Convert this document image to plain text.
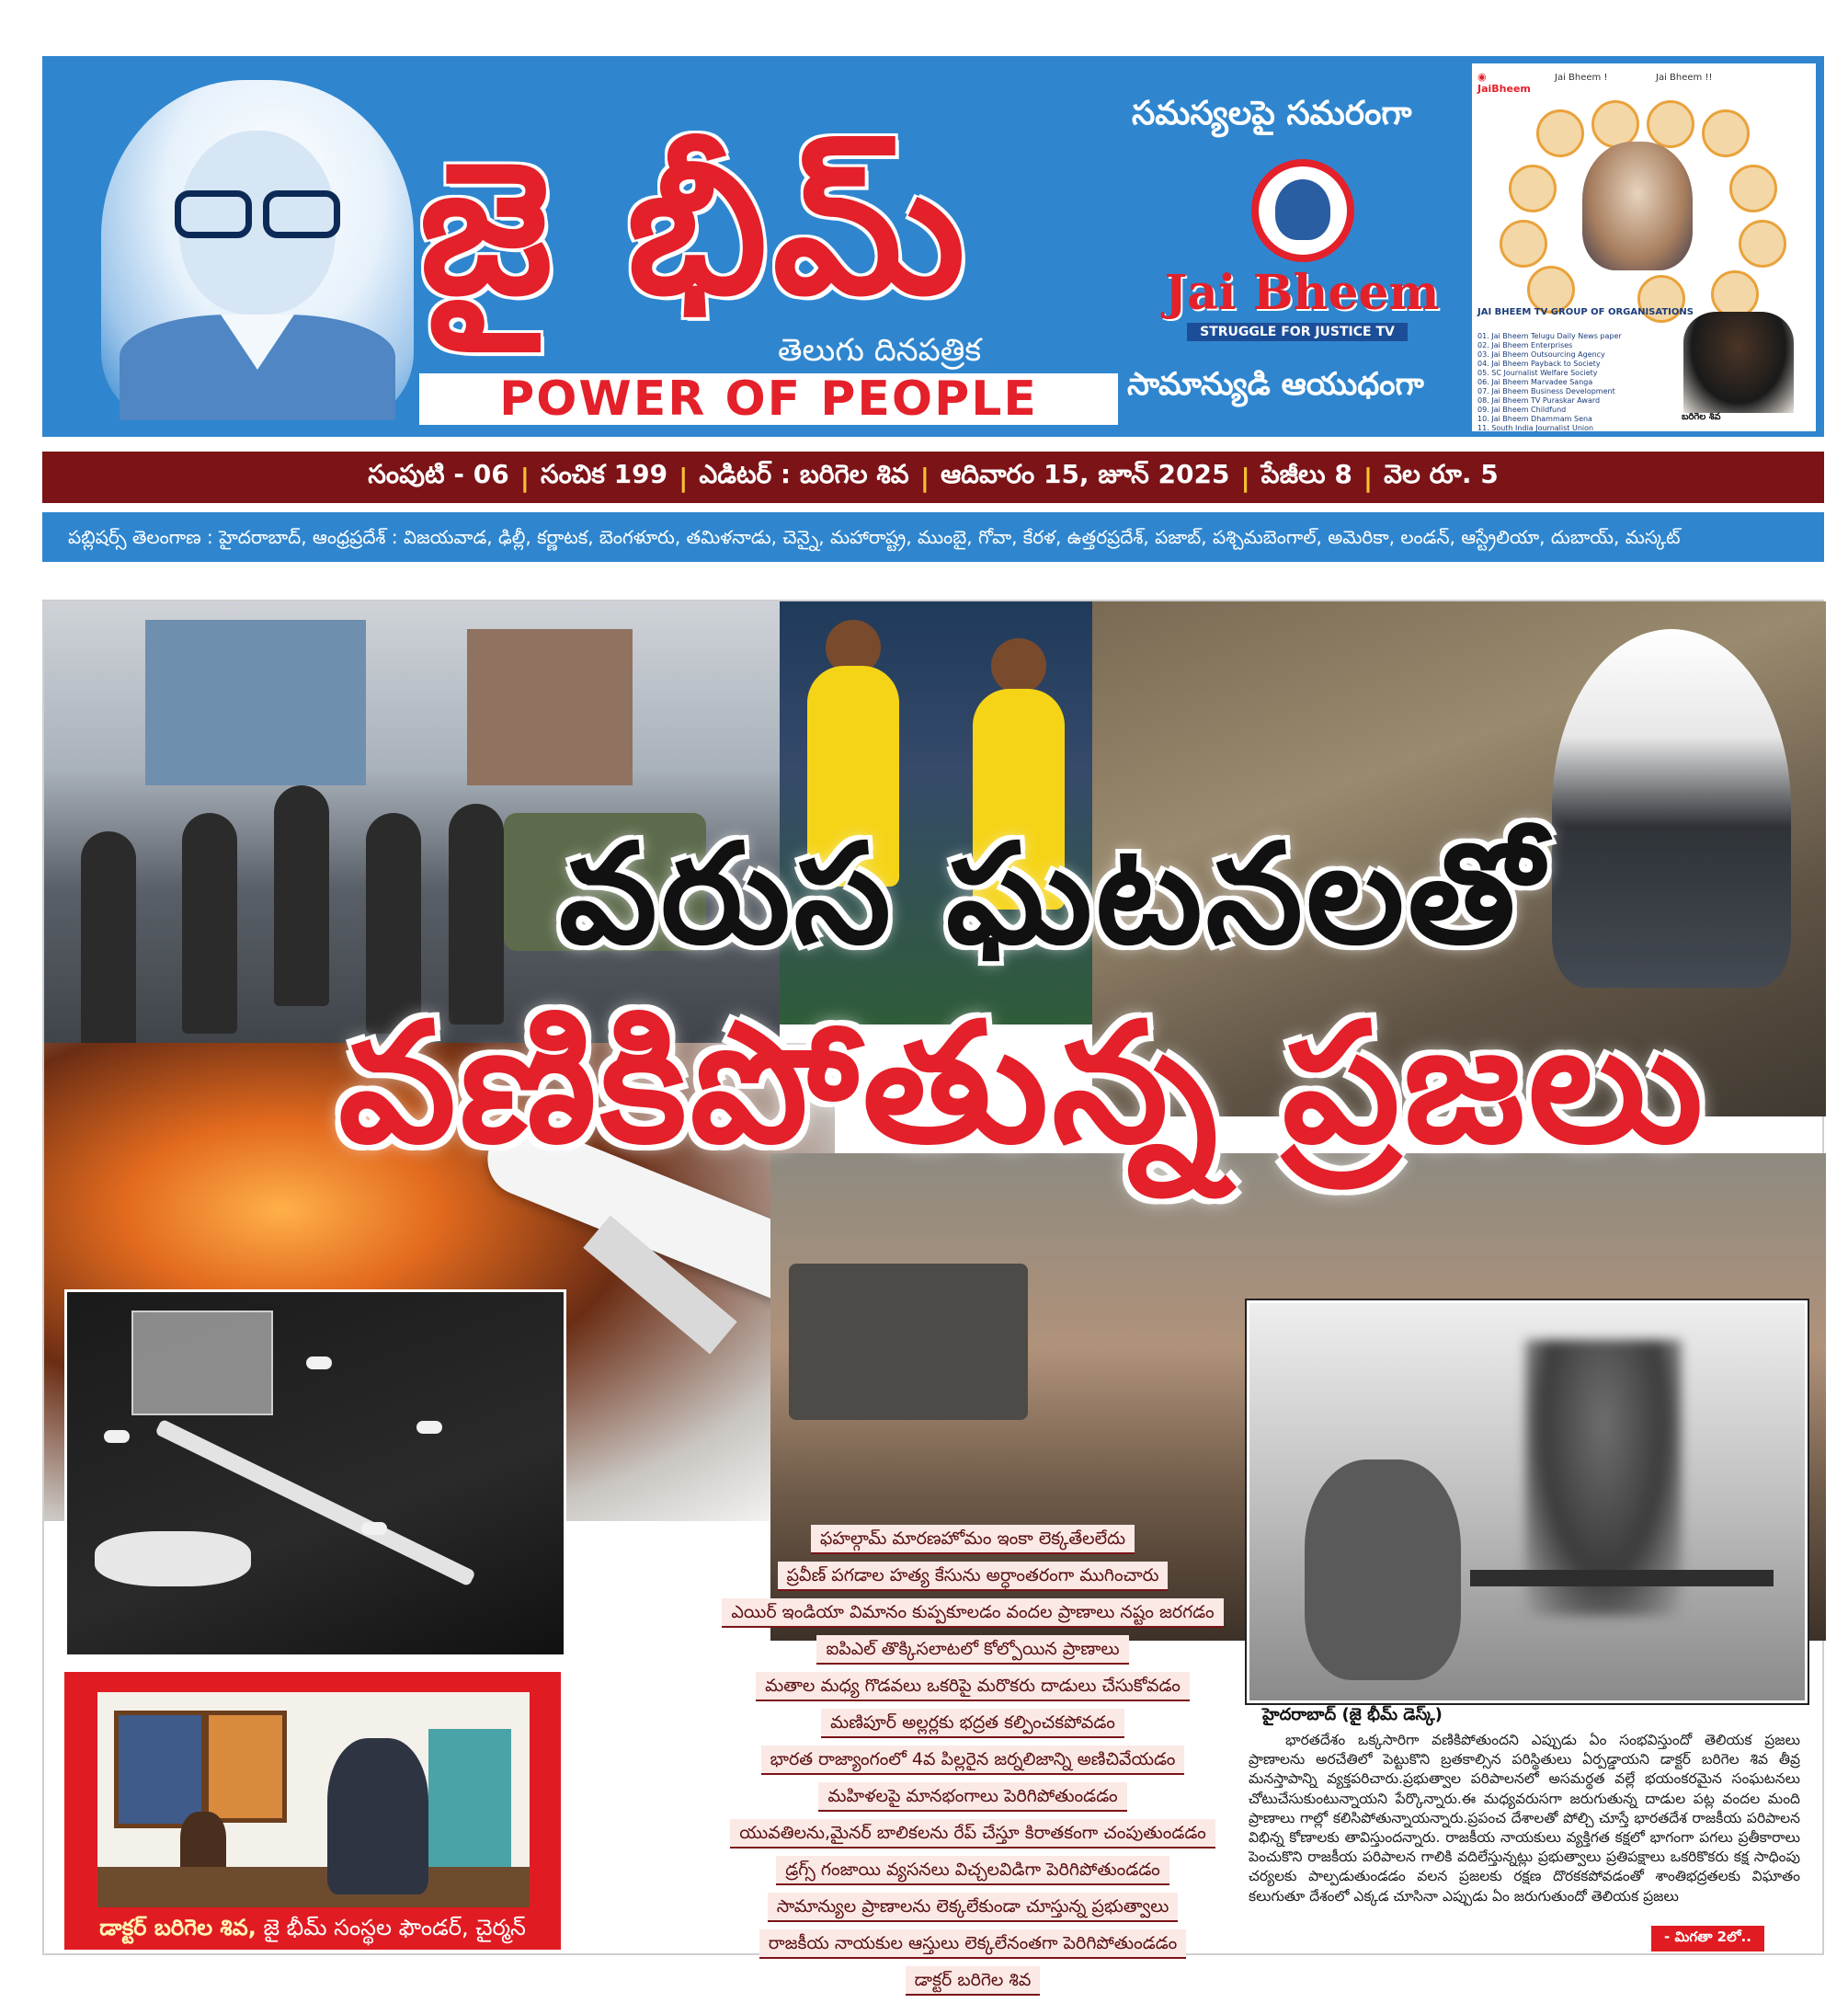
జై భీమ్
తెలుగు దినపత్రిక
POWER OF PEOPLE
సమస్యలపై సమరంగా
Jai Bheem
STRUGGLE FOR JUSTICE TV
సామాన్యుడి ఆయుధంగా
◉ JaiBheem
Jai Bheem !	Jai Bheem !!
JAI BHEEM TV GROUP OF ORGANISATIONS
01. Jai Bheem Telugu Daily News paper
02. Jai Bheem Enterprises
03. Jai Bheem Outsourcing Agency
04. Jai Bheem Payback to Society
05. SC Journalist Welfare Society
06. Jai Bheem Marvadee Sanga
07. Jai Bheem Business Development
08. Jai Bheem TV Puraskar Award
09. Jai Bheem Childfund
10. Jai Bheem Dhammam Sena
11. South India Journalist Union
బరిగెల శివ
సంపుటి - 06 | సంచిక 199 | ఎడిటర్ : బరిగెల శివ | ఆదివారం 15, జూన్ 2025 | పేజీలు 8 | వెల రూ. 5
పబ్లిషర్స్ తెలంగాణ : హైదరాబాద్, ఆంధ్రప్రదేశ్ : విజయవాడ, ఢిల్లీ, కర్ణాటక, బెంగళూరు, తమిళనాడు, చెన్నై, మహారాష్ట్ర, ముంబై, గోవా, కేరళ, ఉత్తరప్రదేశ్, పజాబ్, పశ్చిమబెంగాల్, అమెరికా, లండన్, ఆస్ట్రేలియా, దుబాయ్, మస్కట్
వరుస ఘటనలతో
వణికిపోతున్న ప్రజలు
ఫహల్గామ్ మారణహోమం ఇంకా లెక్కతేలలేదు
ప్రవీణ్ పగడాల హత్య కేసును అర్ధాంతరంగా ముగించారు
ఎయిర్ ఇండియా విమానం కుప్పకూలడం వందల ప్రాణాలు నష్టం జరగడం
ఐపిఎల్ తొక్కిసలాటలో కోల్పోయిన ప్రాణాలు
మతాల మధ్య గొడవలు ఒకరిపై మరొకరు దాడులు చేసుకోవడం
మణిపూర్ అల్లర్లకు భద్రత కల్పించకపోవడం
భారత రాజ్యాంగంలో 4వ పిల్లరైన జర్నలిజాన్ని అణిచివేయడం
మహిళలపై మానభంగాలు పెరిగిపోతుండడం
యువతిలను,మైనర్ బాలికలను రేప్ చేస్తూ కిరాతకంగా చంపుతుండడం
డ్రగ్స్ గంజాయి వ్యసనలు విచ్చలవిడిగా పెరిగిపోతుండడం
సామాన్యుల ప్రాణాలను లెక్కలేకుండా చూస్తున్న ప్రభుత్వాలు
రాజకీయ నాయకుల ఆస్తులు లెక్కలేనంతగా పెరిగిపోతుండడం
డాక్టర్ బరిగెల శివ
డాక్టర్ బరిగెల శివ, జై భీమ్ సంస్థల ఫౌండర్, చైర్మన్
హైదరాబాద్ (జై భీమ్ డెస్క్)
భారతదేశం ఒక్కసారిగా వణికిపోతుందని ఎప్పుడు ఏం సంభవిస్తుందో తెలియక ప్రజలు ప్రాణాలను అరచేతిలో పెట్టుకొని బ్రతకాల్సిన పరిస్థితులు ఏర్పడ్డాయని డాక్టర్ బరిగెల శివ తీవ్ర మనస్తాపాన్ని వ్యక్తపరిచారు.ప్రభుత్వాల పరిపాలనలో అసమర్థత వల్లే భయంకరమైన సంఘటనలు చోటుచేసుకుంటున్నాయని పేర్కొన్నారు.ఈ మధ్యవరుసగా జరుగుతున్న దాడుల పట్ల వందల మంది ప్రాణాలు గాల్లో కలిసిపోతున్నాయన్నారు.ప్రపంచ దేశాలతో పోల్చి చూస్తే భారతదేశ రాజకీయ పరిపాలన విభిన్న కోణాలకు తావిస్తుందన్నారు. రాజకీయ నాయకులు వ్యక్తిగత కక్షలో భాగంగా పగలు ప్రతీకారాలు పెంచుకొని రాజకీయ పరిపాలన గాలికి వదిలేస్తున్నట్లు ప్రభుత్వాలు ప్రతిపక్షాలు ఒకరికొకరు కక్ష సాధింపు చర్యలకు పాల్పడుతుండడం వలన ప్రజలకు రక్షణ దొరకకపోవడంతో శాంతిభద్రతలకు విఘాతం కలుగుతూ దేశంలో ఎక్కడ చూసినా ఎప్పుడు ఏం జరుగుతుందో తెలియక ప్రజలు
- మిగతా 2లో..
